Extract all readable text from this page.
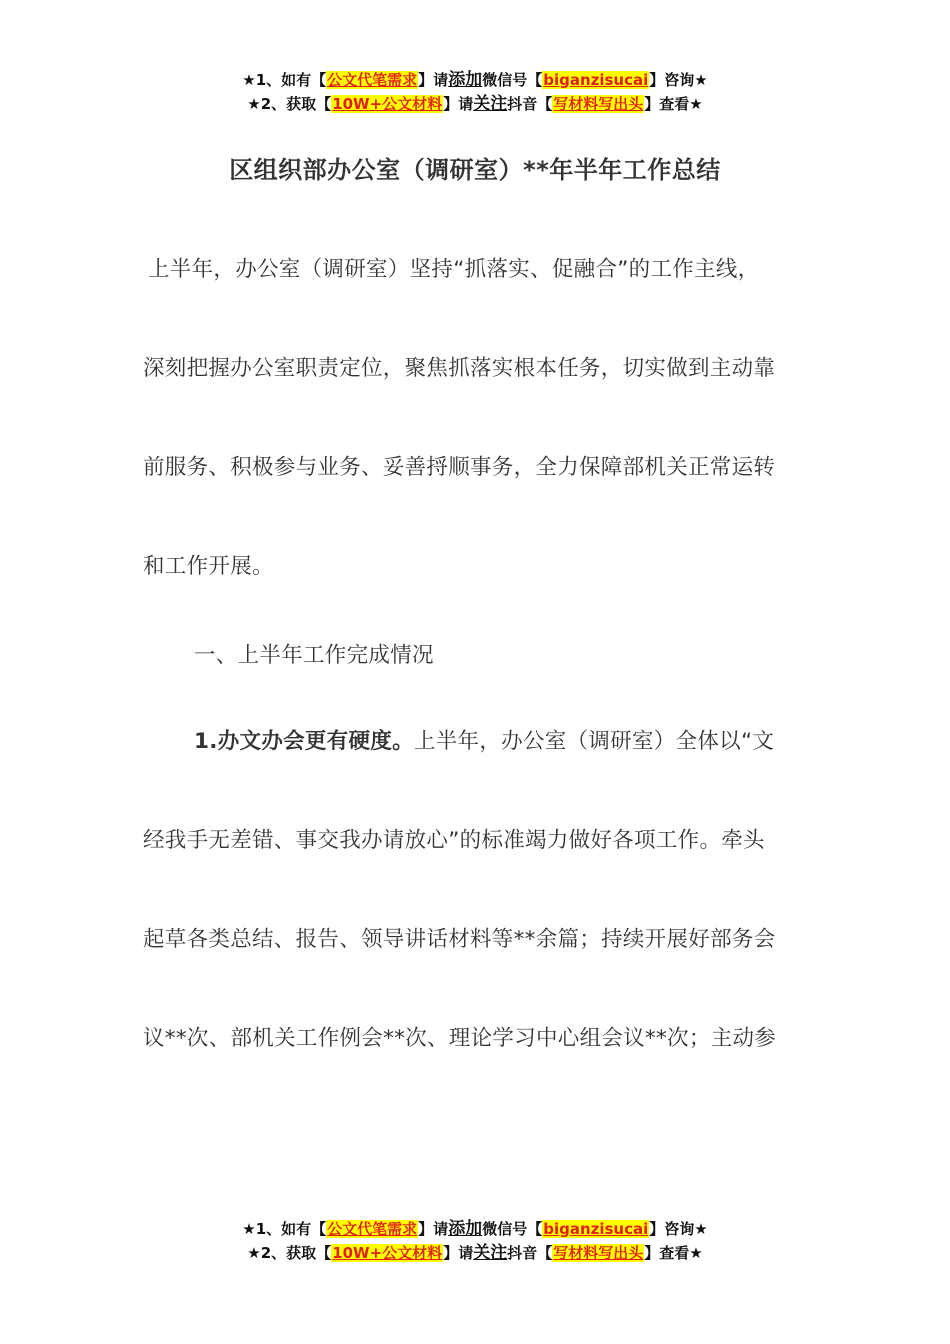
★1、如有【公文代笔需求】请添加微信号【biganzisucai】咨询★
★2、获取【10W+公文材料】请关注抖音【写材料写出头】查看★
区组织部办公室（调研室）**年半年工作总结
上半年，办公室（调研室）坚持“抓落实、促融合”的工作主线，
深刻把握办公室职责定位，聚焦抓落实根本任务，切实做到主动靠
前服务、积极参与业务、妥善捋顺事务，全力保障部机关正常运转
和工作开展。
一、上半年工作完成情况
1.办文办会更有硬度。上半年，办公室（调研室）全体以“文
经我手无差错、事交我办请放心”的标准竭力做好各项工作。牵头
起草各类总结、报告、领导讲话材料等**余篇；持续开展好部务会
议**次、部机关工作例会**次、理论学习中心组会议**次；主动参
★1、如有【公文代笔需求】请添加微信号【biganzisucai】咨询★
★2、获取【10W+公文材料】请关注抖音【写材料写出头】查看★
